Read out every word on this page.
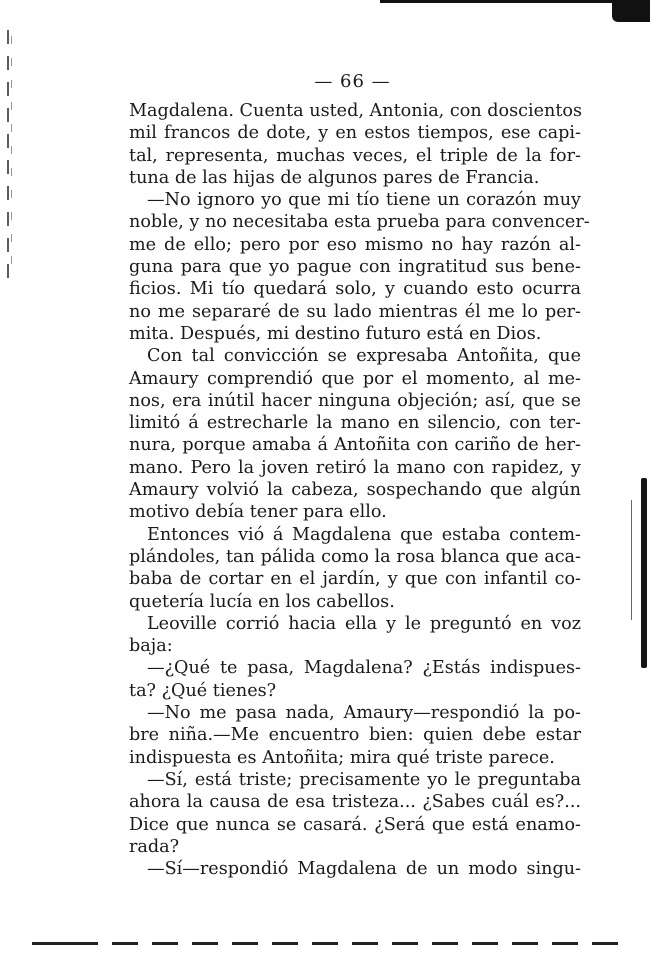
— 66 —
Magdalena. Cuenta usted, Antonia, con doscientos
mil francos de dote, y en estos tiempos, ese capi-
tal, representa, muchas veces, el triple de la for-
tuna de las hijas de algunos pares de Francia.
—No ignoro yo que mi tío tiene un corazón muy
noble, y no necesitaba esta prueba para convencer-
me de ello; pero por eso mismo no hay razón al-
guna para que yo pague con ingratitud sus bene-
ficios. Mi tío quedará solo, y cuando esto ocurra
no me separaré de su lado mientras él me lo per-
mita. Después, mi destino futuro está en Dios.
Con tal convicción se expresaba Antoñita, que
Amaury comprendió que por el momento, al me-
nos, era inútil hacer ninguna objeción; así, que se
limitó á estrecharle la mano en silencio, con ter-
nura, porque amaba á Antoñita con cariño de her-
mano. Pero la joven retiró la mano con rapidez, y
Amaury volvió la cabeza, sospechando que algún
motivo debía tener para ello.
Entonces vió á Magdalena que estaba contem-
plándoles, tan pálida como la rosa blanca que aca-
baba de cortar en el jardín, y que con infantil co-
quetería lucía en los cabellos.
Leoville corrió hacia ella y le preguntó en voz
baja:
—¿Qué te pasa, Magdalena? ¿Estás indispues-
ta? ¿Qué tienes?
—No me pasa nada, Amaury—respondió la po-
bre niña.—Me encuentro bien: quien debe estar
indispuesta es Antoñita; mira qué triste parece.
—Sí, está triste; precisamente yo le preguntaba
ahora la causa de esa tristeza... ¿Sabes cuál es?...
Dice que nunca se casará. ¿Será que está enamo-
rada?
—Sí—respondió Magdalena de un modo singu-
